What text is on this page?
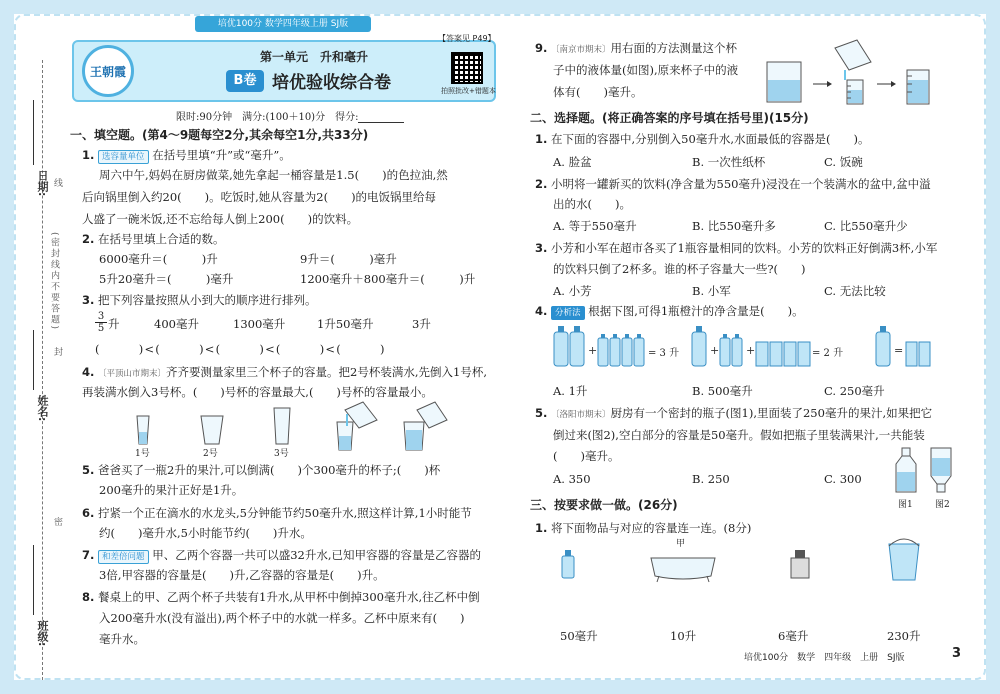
培优100分 数学四年级上册 SJ版
日期: 线
(密封线内不要答题)
封
姓名:
密
班级:
王朝霞
第一单元　升和毫升
B卷 培优验收综合卷
【答案见 P49】
拍照批改+错题本
限时:90分钟　满分:(100＋10)分　得分:
一、填空题。(第4～9题每空2分,其余每空1分,共33分)
1. 选容量单位 在括号里填“升”或“毫升”。
周六中午,妈妈在厨房做菜,她先拿起一桶容量是1.5(　　)的色拉油,然
后向锅里倒入约20(　　)。吃饭时,她从容量为2(　　)的电饭锅里给每
人盛了一碗米饭,还不忘给每人倒上200(　　)的饮料。
2. 在括号里填上合适的数。
6000毫升＝(　　　)升	9升＝(　　　)毫升
5升20毫升＝(　　　)毫升	1200毫升＋800毫升＝(　　　)升
3. 把下列容量按照从小到大的顺序进行排列。
$\frac{3}{5}$ 升	400毫升	1300毫升	1升50毫升	3升
(　　　)<(　　　)<(　　　)<(　　　)<(　　　)
4. 〔平顶山市期末〕齐齐要测量家里三个杯子的容量。把2号杯装满水,先倒入1号杯,
再装满水倒入3号杯。(　　)号杯的容量最大,(　　)号杯的容量最小。
1号	2号	3号
5. 爸爸买了一瓶2升的果汁,可以倒满(　　)个300毫升的杯子;(　　)杯
200毫升的果汁正好是1升。
6. 拧紧一个正在滴水的水龙头,5分钟能节约50毫升水,照这样计算,1小时能节
约(　　)毫升水,5小时能节约(　　)升水。
7. 和差倍问题 甲、乙两个容器一共可以盛32升水,已知甲容器的容量是乙容器的
3倍,甲容器的容量是(　　)升,乙容器的容量是(　　)升。
8. 餐桌上的甲、乙两个杯子共装有1升水,从甲杯中倒掉300毫升水,往乙杯中倒
入200毫升水(没有溢出),两个杯子中的水就一样多。乙杯中原来有(　　)
毫升水。
9. 〔南京市期末〕用右面的方法测量这个杯
子中的液体量(如图),原来杯子中的液
体有(　　)毫升。
二、选择题。(将正确答案的序号填在括号里)(15分)
1. 在下面的容器中,分别倒入50毫升水,水面最低的容器是(　　)。
A. 脸盆	B. 一次性纸杯	C. 饭碗
2. 小明将一罐新买的饮料(净含量为550毫升)浸没在一个装满水的盆中,盆中溢
出的水(　　)。
A. 等于550毫升	B. 比550毫升多	C. 比550毫升少
3. 小芳和小军在超市各买了1瓶容量相同的饮料。小芳的饮料正好倒满3杯,小军
的饮料只倒了2杯多。谁的杯子容量大一些?(　　)
A. 小芳	B. 小军	C. 无法比较
4. 分析法 根据下图,可得1瓶橙汁的净含量是(　　)。
+	+ +	=
= 3 升	= 2 升
A. 1升	B. 500毫升	C. 250毫升
5. 〔洛阳市期末〕厨房有一个密封的瓶子(图1),里面装了250毫升的果汁,如果把它
倒过来(图2),空白部分的容量是50毫升。假如把瓶子里装满果汁,一共能装
(　　)毫升。
A. 350	B. 250	C. 300
图1 图2
三、按要求做一做。(26分)
1. 将下面物品与对应的容量连一连。(8分)
甲
50毫升	10升	6毫升	230升
培优100分　数学　四年级　上册　SJ版	3
